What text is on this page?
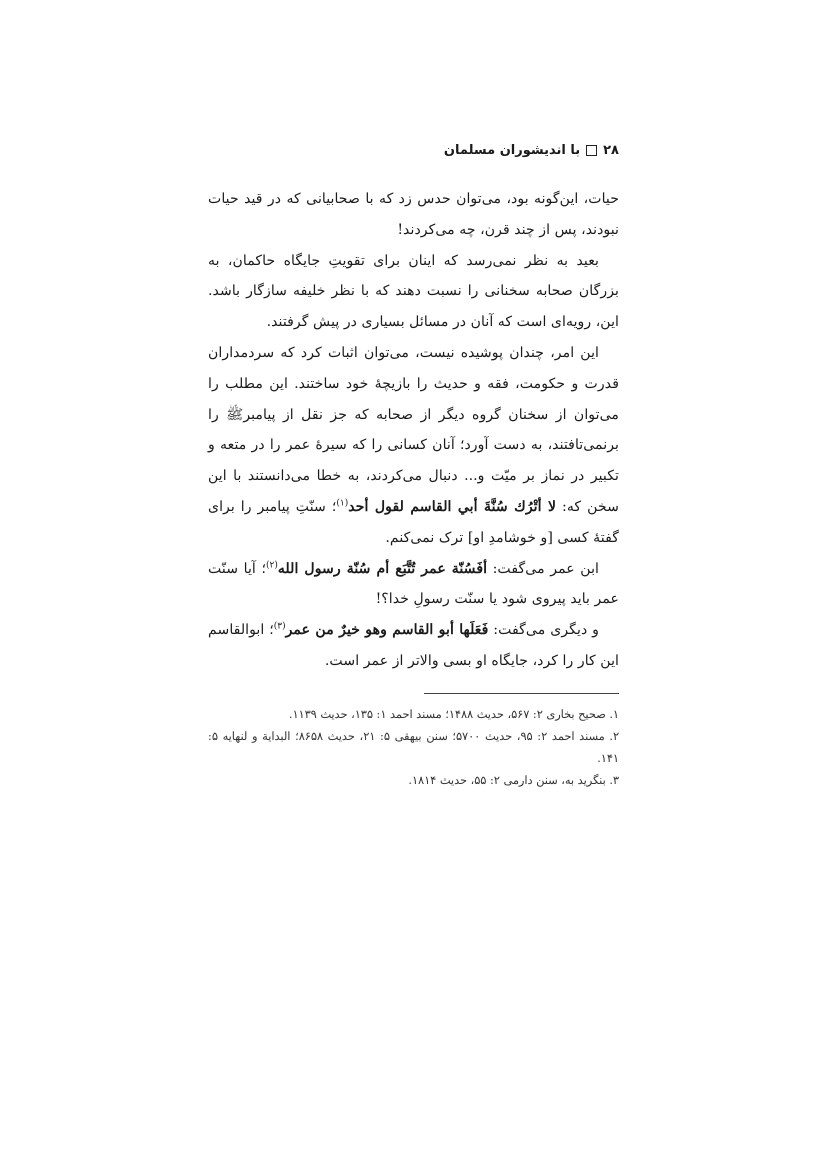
۲۸
با اندیشوران مسلمان

حیات، این‌گونه بود، می‌توان حدس زد که با صحابیانی که در قید حیات نبودند، پس از چند قرن، چه می‌کردند!

بعید به نظر نمی‌رسد که اینان برای تقویتِ جایگاه حاکمان، به بزرگان صحابه سخنانی را نسبت دهند که با نظر خلیفه سازگار باشد. این، رویه‌ای است که آنان در مسائل بسیاری در پیش گرفتند.

این امر، چندان پوشیده نیست، می‌توان اثبات کرد که سردمداران قدرت و حکومت، فقه و حدیث را بازیچهٔ خود ساختند. این مطلب را می‌توان از سخنان گروه دیگر از صحابه که جز نقل از پیامبرﷺ را برنمی‌تافتند، به دست آورد؛ آنان کسانی را که سیرهٔ عمر را در متعه و تکبیر در نماز بر میّت و... دنبال می‌کردند، به خطا می‌دانستند با این سخن که: لا أتْرُك سُنَّةَ أبي القاسم لقول أحد$^{(۱)}$؛ سنّتِ پیامبر را برای گفتهٔ کسی [و خوشامدِ او] ترک نمی‌کنم.

ابن عمر می‌گفت: أفَسُنّة عمر تُتَّبَع أم سُنّة رسول الله$^{(۲)}$؛ آیا سنّت عمر باید پیروی شود یا سنّت رسولِ خدا؟!

و دیگری می‌گفت: فَعَلَها أبو القاسم وهو خيرٌ من عمر$^{(۳)}$؛ ابوالقاسم این کار را کرد، جایگاه او بسی والاتر از عمر است.

۱. صحیح بخاری ۲: ۵۶۷، حدیث ۱۴۸۸؛ مسند احمد ۱: ۱۳۵، حدیث ۱۱۳۹.

۲. مسند احمد ۲: ۹۵، حدیث ۵۷۰۰؛ سنن بیهقی ۵: ۲۱، حدیث ۸۶۵۸؛ البدایة و لنهایه ۵: ۱۴۱.

۳. بنگرید به، سنن دارمی ۲: ۵۵، حدیث ۱۸۱۴.
